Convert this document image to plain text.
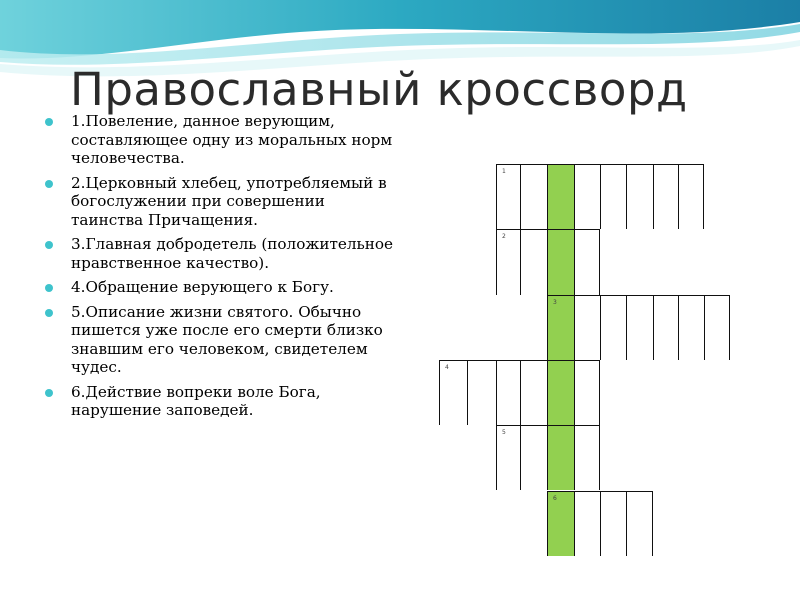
Православный кроссворд
1.Повеление, данное верующим, составляющее одну из моральных норм человечества.
2.Церковный хлебец, употребляемый в богослужении при совершении таинства Причащения.
3.Главная добродетель (положительное нравственное качество).
4.Обращение верующего к Богу.
5.Описание жизни святого. Обычно пишется уже после его смерти близко знавшим его человеком, свидетелем чудес.
6.Действие вопреки воле Бога, нарушение заповедей.
1
2
3
4
5
6
